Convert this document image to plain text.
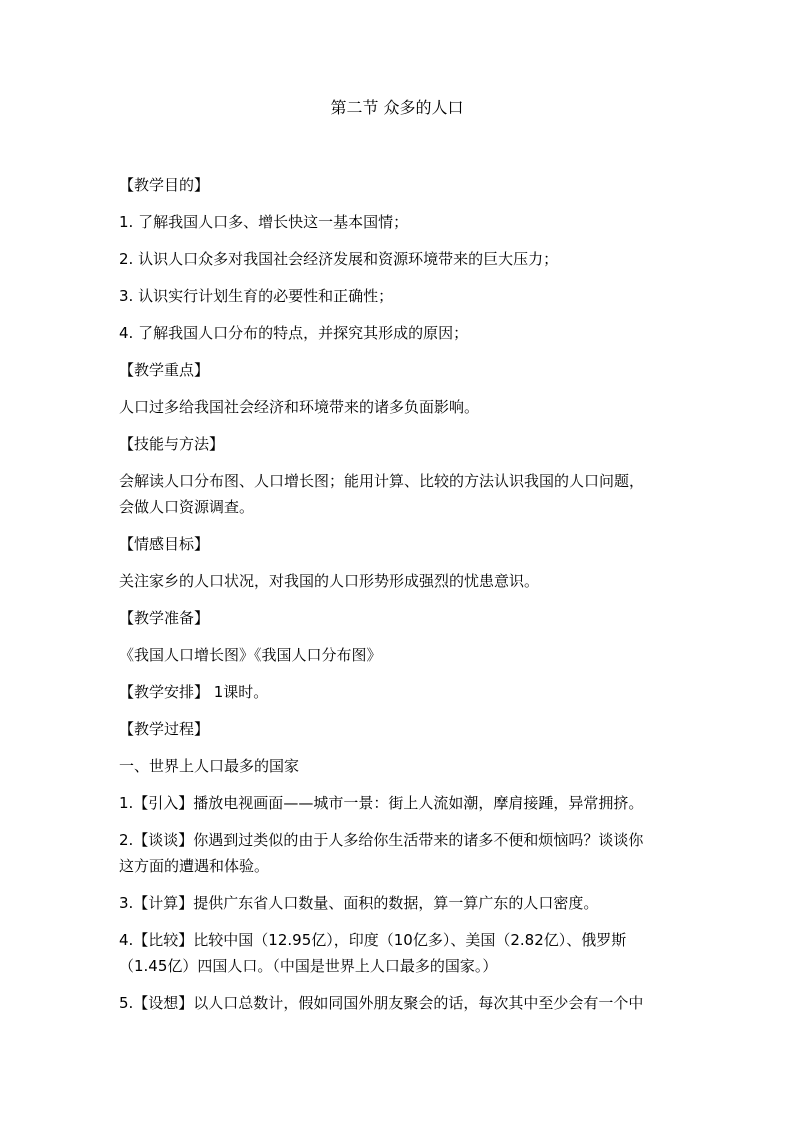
第二节 众多的人口
【教学目的】
1. 了解我国人口多、增长快这一基本国情；
2. 认识人口众多对我国社会经济发展和资源环境带来的巨大压力；
3. 认识实行计划生育的必要性和正确性；
4. 了解我国人口分布的特点，并探究其形成的原因；
【教学重点】
人口过多给我国社会经济和环境带来的诸多负面影响。
【技能与方法】
会解读人口分布图、人口增长图；能用计算、比较的方法认识我国的人口问题，
会做人口资源调查。
【情感目标】
关注家乡的人口状况，对我国的人口形势形成强烈的忧患意识。
【教学准备】
《我国人口增长图》《我国人口分布图》
【教学安排】 1课时。
【教学过程】
一、世界上人口最多的国家
1.【引入】播放电视画面——城市一景：街上人流如潮，摩肩接踵，异常拥挤。
2.【谈谈】你遇到过类似的由于人多给你生活带来的诸多不便和烦恼吗？谈谈你
这方面的遭遇和体验。
3.【计算】提供广东省人口数量、面积的数据，算一算广东的人口密度。
4.【比较】比较中国（12.95亿），印度（10亿多）、美国（2.82亿）、俄罗斯
（1.45亿）四国人口。（中国是世界上人口最多的国家。）
5.【设想】以人口总数计，假如同国外朋友聚会的话，每次其中至少会有一个中
